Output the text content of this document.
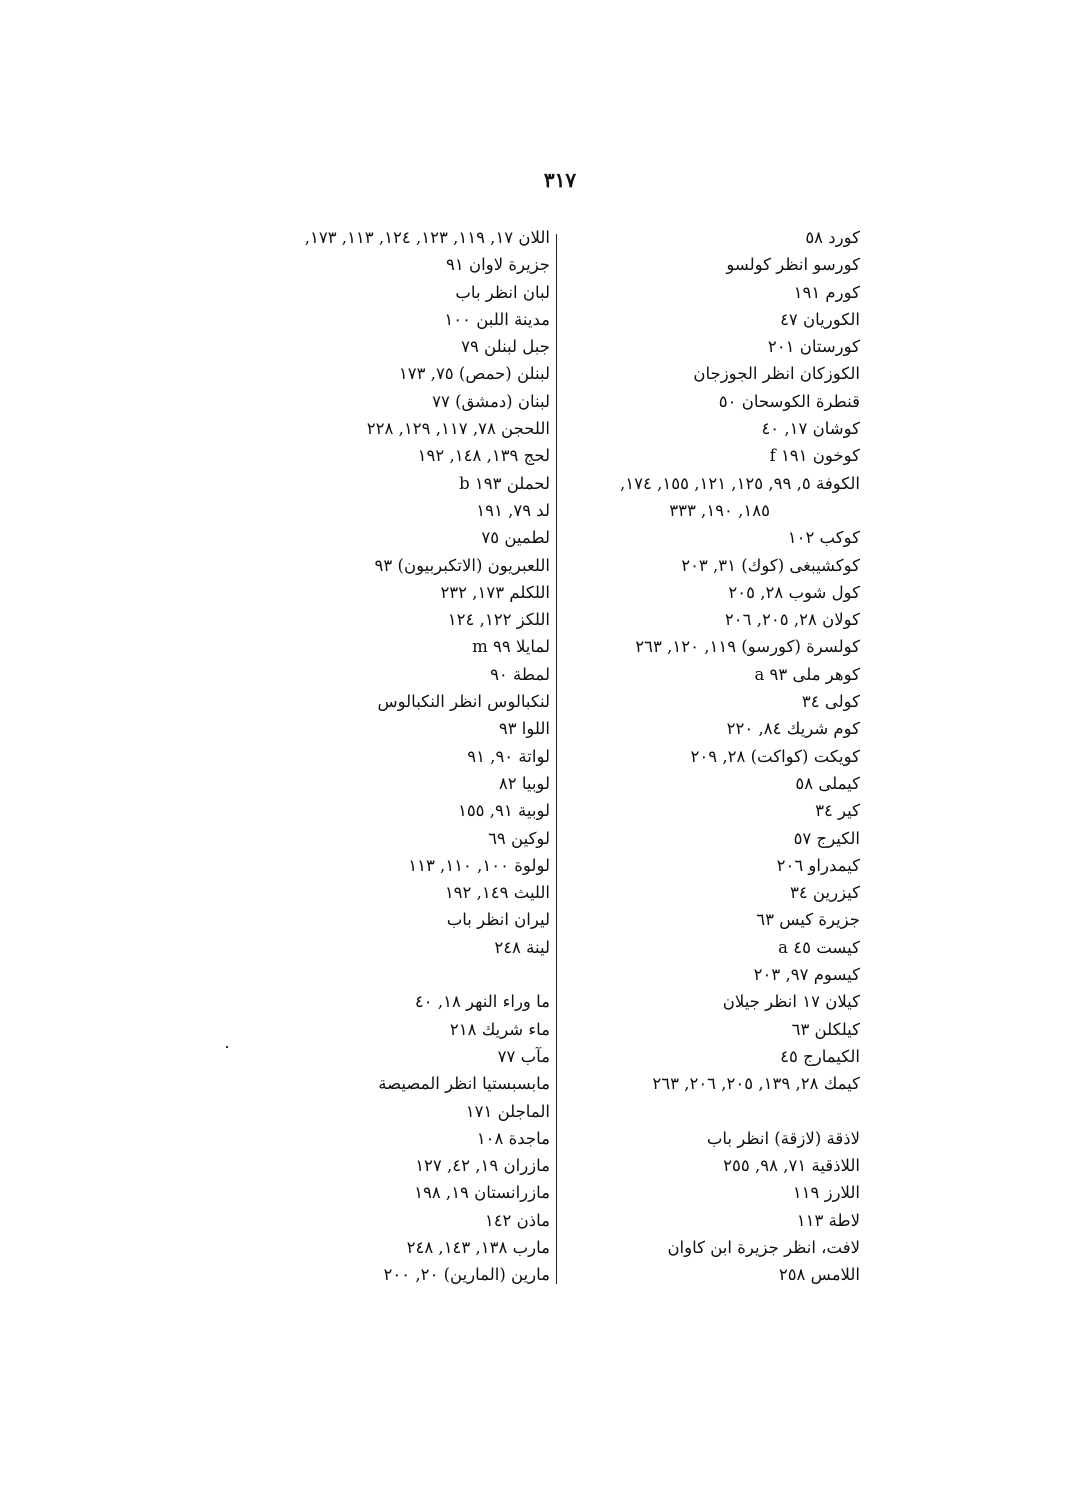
٣١٧
كورد ٥٨
كورسو انظر كولسو
كورم ١٩١
الكوريان ٤٧
كورستان ٢٠١
الكوزكان انظر الجوزجان
قنطرة الكوسحان ٥٠
كوشان ١٧, ٤٠
كوخون ١٩١ f
الكوفة ٥, ٩٩, ١٢٥, ١٢١, ١٥٥, ١٧٤,
١٨٥, ١٩٠, ٣٣٣
كوكب ١٠٢
كوكشيبغى (كوك) ٣١, ٢٠٣
كول شوب ٢٨, ٢٠٥
كولان ٢٨, ٢٠٥, ٢٠٦
كولسرة (كورسو) ١١٩, ١٢٠, ٢٦٣
كوهر ملى ٩٣ a
كولى ٣٤
كوم شريك ٨٤, ٢٢٠
كويكت (كواكت) ٢٨, ٢٠٩
كيملى ٥٨
كير ٣٤
الكيرج ٥٧
كيمدراو ٢٠٦
كيزرين ٣٤
جزيرة كيس ٦٣
كيست ٤٥ a
كيسوم ٩٧, ٢٠٣
كيلان ١٧ انظر جيلان
كيلكلن ٦٣
الكيمارج ٤٥
كيمك ٢٨, ١٣٩, ٢٠٥, ٢٠٦, ٢٦٣
لاذقة (لازقة) انظر باب
اللاذقية ٧١, ٩٨, ٢٥٥
اللارز ١١٩
لاطة ١١٣
لافت، انظر جزيرة ابن كاوان
اللامس ٢٥٨
اللان ١٧, ١١٩, ١٢٣, ١٢٤, ١١٣, ١٧٣,
جزيرة لاوان ٩١
لبان انظر باب
مدينة اللبن ١٠٠
جبل لبنلن ٧٩
لبنلن (حمص) ٧٥, ١٧٣
لبنان (دمشق) ٧٧
اللحجن ٧٨, ١١٧, ١٢٩, ٢٢٨
لحج ١٣٩, ١٤٨, ١٩٢
لحملن ١٩٣ b
لد ٧٩, ١٩١
لطمين ٧٥
اللعبريون (الاتكبربيون) ٩٣
اللكلم ١٧٣, ٢٣٢
اللكز ١٢٢, ١٢٤
لمايلا ٩٩ m
لمطة ٩٠
لنكبالوس انظر النكبالوس
اللوا ٩٣
لواتة ٩٠, ٩١
لوبيا ٨٢
لوبية ٩١, ١٥٥
لوكين ٦٩
لولوة ١٠٠, ١١٠, ١١٣
الليث ١٤٩, ١٩٢
ليران انظر باب
لينة ٢٤٨
ما وراء النهر ١٨, ٤٠
ماء شريك ٢١٨
مآب ٧٧
مابسبستيا انظر المصيصة
الماجلن ١٧١
ماجدة ١٠٨
مازران ١٩, ٤٢, ١٢٧
مازرانستان ١٩, ١٩٨
ماذن ١٤٢
مارب ١٣٨, ١٤٣, ٢٤٨
مارين (المارين) ٢٠, ٢٠٠
